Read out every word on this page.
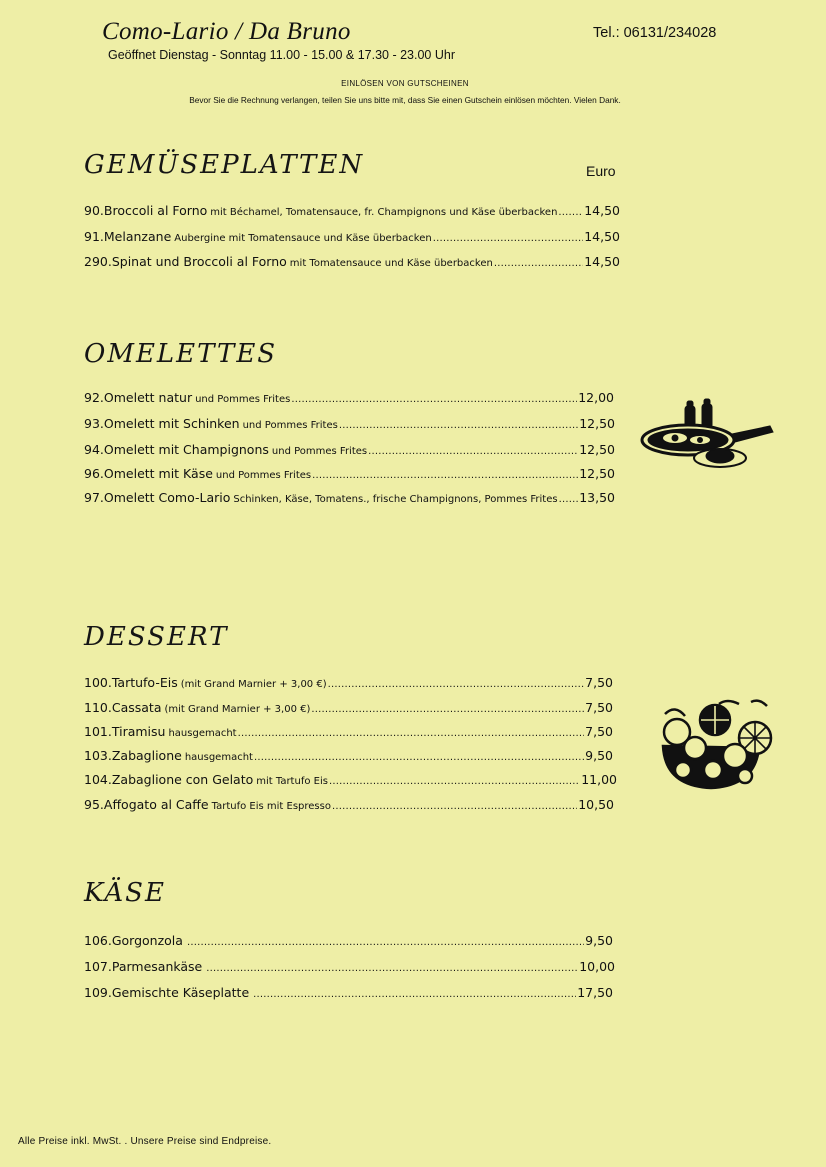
Como-Lario / Da Bruno
Geöffnet Dienstag - Sonntag 11.00 - 15.00 & 17.30 - 23.00 Uhr
Tel.: 06131/234028
EINLÖSEN VON GUTSCHEINEN
Bevor Sie die Rechnung verlangen, teilen Sie uns bitte mit, dass Sie einen Gutschein einlösen möchten. Vielen Dank.
GEMÜSEPLATTEN	Euro
90. Broccoli al Forno mit Béchamel, Tomatensauce, fr. Champignons und Käse überbacken ..... 14,50
91. Melanzane Aubergine mit Tomatensauce und Käse überbacken .....	14,50
290. Spinat und Broccoli al Forno mit Tomatensauce und Käse überbacken .....	14,50
OMELETTES
92. Omelett natur und Pommes Frites .....	12,00
93. Omelett mit Schinken und Pommes Frites .....	12,50
94. Omelett mit Champignons und Pommes Frites .....	12,50
96. Omelett mit Käse und Pommes Frites .....	12,50
97. Omelett Como-Lario Schinken, Käse, Tomatens., frische Champignons, Pommes Frites ..... 13,50
DESSERT
100. Tartufo-Eis (mit Grand Marnier + 3,00 €) .....	7,50
110. Cassata (mit Grand Marnier + 3,00 €) .....	7,50
101. Tiramisu hausgemacht .....	7,50
103. Zabaglione hausgemacht .....	9,50
104. Zabaglione con Gelato mit Tartufo Eis .....	11,00
95. Affogato al Caffe Tartufo Eis mit Espresso .....	10,50
KÄSE
106. Gorgonzola .....	9,50
107. Parmesankäse .....	10,00
109. Gemischte Käseplatte .....	17,50
Alle Preise inkl. MwSt. . Unsere Preise sind Endpreise.
